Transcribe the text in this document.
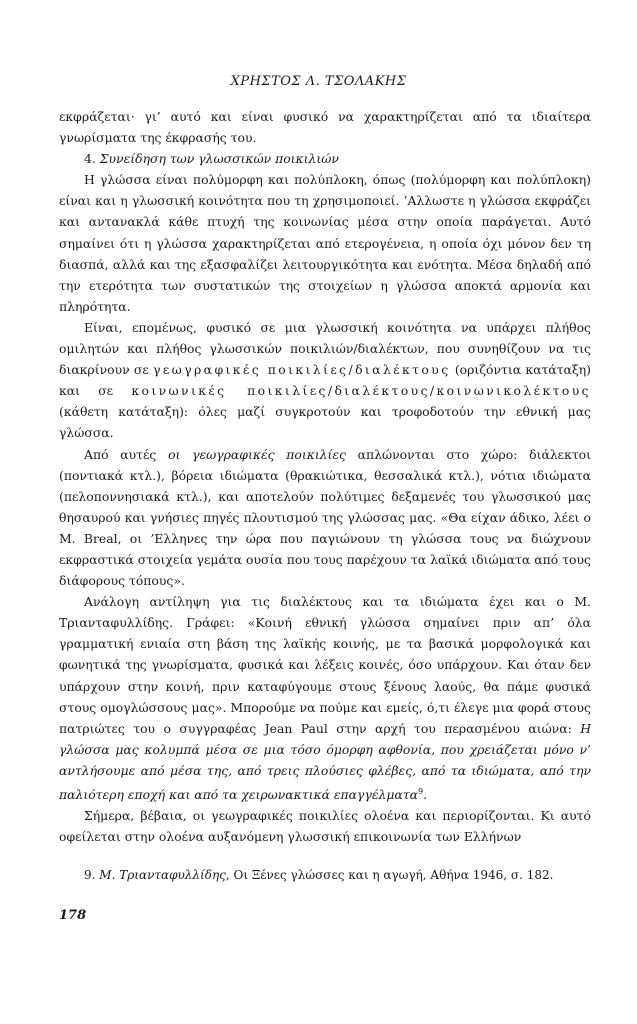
ΧΡΗΣΤΟΣ Λ. ΤΣΟΛΑΚΗΣ

εκφράζεται· γι’ αυτό και είναι φυσικό να χαρακτηρίζεται από τα ιδιαίτερα γνωρίσματα της έκφρασής του.

4. Συνείδηση των γλωσσικών ποικιλιών

Η γλώσσα είναι πολύμορφη και πολύπλοκη, όπως (πολύμορφη και πολύπλοκη) είναι και η γλωσσική κοινότητα που τη χρησιμοποιεί. ’Αλλωστε η γλώσσα εκφράζει και αντανακλά κάθε πτυχή της κοινωνίας μέσα στην οποία παράγεται. Αυτό σημαίνει ότι η γλώσσα χαρακτηρίζεται από ετερογένεια, η οποία όχι μόνον δεν τη διασπά, αλλά και της εξασφαλίζει λειτουργικότητα και ενότητα. Μέσα δηλαδή από την ετερότητα των συστατικών της στοιχείων η γλώσσα αποκτά αρμονία και πληρότητα.

Είναι, επομένως, φυσικό σε μια γλωσσική κοινότητα να υπάρχει πλήθος ομιλητών και πλήθος γλωσσικών ποικιλιών/διαλέκτων, που συνηθίζουν να τις διακρίνουν σε γεωγραφικές ποικιλίες/διαλέκτους (οριζόντια κατάταξη) και σε κοινωνικές ποικιλίες/διαλέκτους/κοινωνικολέκτους (κάθετη κατάταξη): όλες μαζί συγκροτούν και τροφοδοτούν την εθνική μας γλώσσα.

Από αυτές οι γεωγραφικές ποικιλίες απλώνονται στο χώρο: διάλεκτοι (ποντιακά κτλ.), βόρεια ιδιώματα (θρακιώτικα, θεσσαλικά κτλ.), νότια ιδιώματα (πελοποννησιακά κτλ.), και αποτελούν πολύτιμες δεξαμενές του γλωσσικού μας θησαυρού και γνήσιες πηγές πλουτισμού της γλώσσας μας. «Θα είχαν άδικο, λέει ο M. Breal, οι ’Ελληνες την ώρα που παγιώνουν τη γλώσσα τους να διώχνουν εκφραστικά στοιχεία γεμάτα ουσία που τους παρέχουν τα λαϊκά ιδιώματα από τους διάφορους τόπους».

Ανάλογη αντίληψη για τις διαλέκτους και τα ιδιώματα έχει και ο Μ. Τριανταφυλλίδης. Γράφει: «Κοινή εθνική γλώσσα σημαίνει πριν απ’ όλα γραμματική ενιαία στη βάση της λαϊκής κοινής, με τα βασικά μορφολογικά και φωνητικά της γνωρίσματα, φυσικά και λέξεις κοινές, όσο υπάρχουν. Και όταν δεν υπάρχουν στην κοινή, πριν καταφύγουμε στους ξένους λαούς, θα πάμε φυσικά στους ομογλώσσους μας». Μπορούμε να πούμε και εμείς, ό,τι έλεγε μια φορά στους πατριώτες του ο συγγραφέας Jean Paul στην αρχή του περασμένου αιώνα: Η γλώσσα μας κολυμπά μέσα σε μια τόσο όμορφη αφθονία, που χρειάζεται μόνο ν’ αντλήσουμε από μέσα της, από τρεις πλούσιες φλέβες, από τα ιδιώματα, από την παλιότερη εποχή και από τα χειρωνακτικά επαγγέλματα$^9$.

Σήμερα, βέβαια, οι γεωγραφικές ποικιλίες ολοένα και περιορίζονται. Κι αυτό οφείλεται στην ολοένα αυξανόμενη γλωσσική επικοινωνία των Ελλήνων

9. Μ. Τριανταφυλλίδης, Οι Ξένες γλώσσες και η αγωγή, Αθήνα 1946, σ. 182.
178
